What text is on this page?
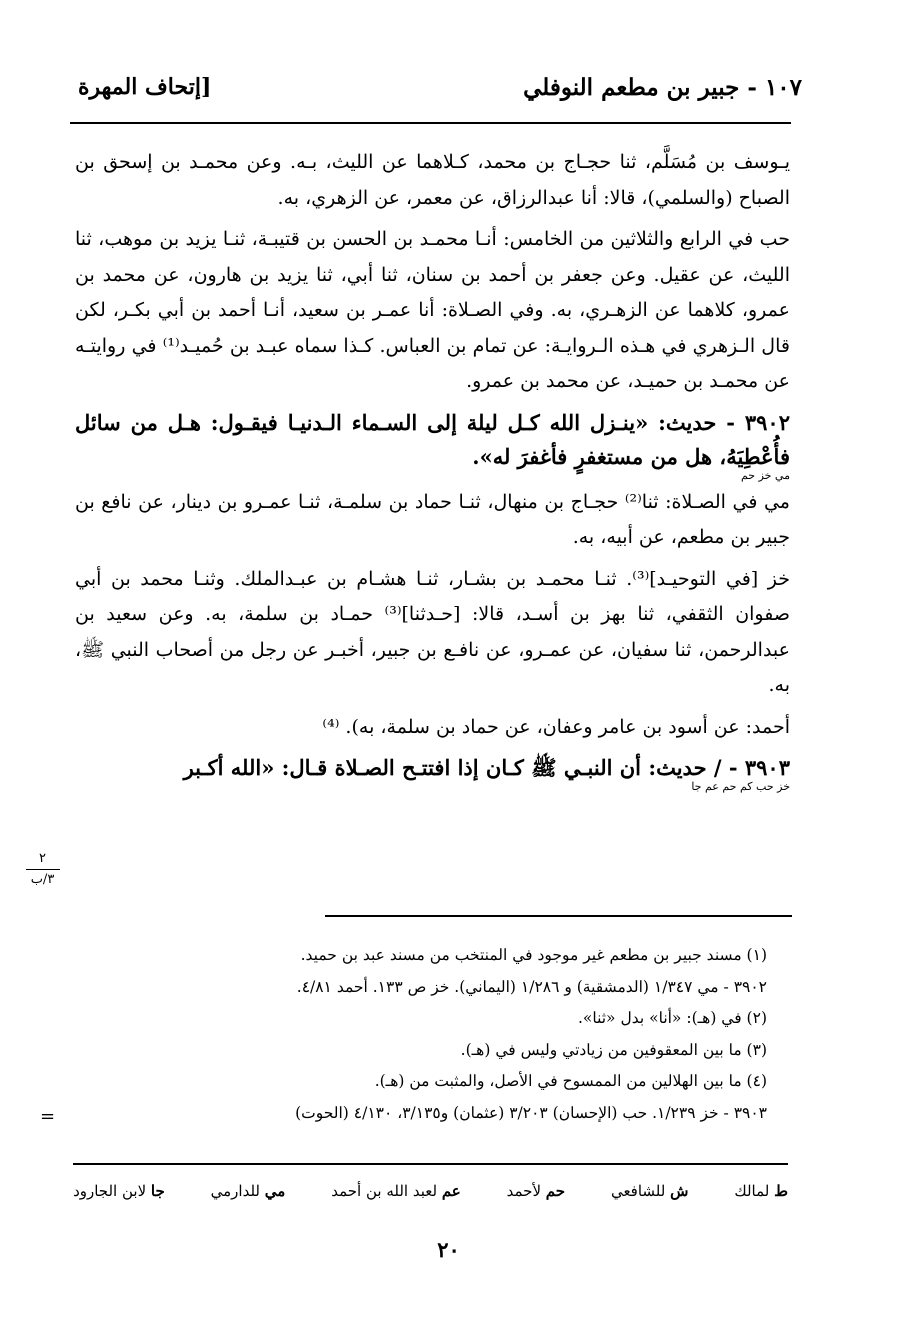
١٠٧ - جبير بن مطعم النوفلي
[إتحاف المهرة

يـوسف بن مُسَلَّم، ثنا حجـاج بن محمد، كـلاهما عن الليث، بـه. وعن محمـد بن إسحق بن الصباح (والسلمي)، قالا: أنا عبدالرزاق، عن معمر، عن الزهري، به.

حب في الرابع والثلاثين من الخامس: أنـا محمـد بن الحسن بن قتيبـة، ثنـا يزيد بن موهب، ثنا الليث، عن عقيل. وعن جعفر بن أحمد بن سنان، ثنا أبي، ثنا يزيد بن هارون، عن محمد بن عمرو، كلاهما عن الزهـري، به. وفي الصـلاة: أنا عمـر بن سعيد، أنـا أحمد بن أبي بكـر، لكن قال الـزهري في هـذه الـروايـة: عن تمام بن العباس. كـذا سماه عبـد بن حُميـد⁽¹⁾ في روايتـه عن محمـد بن حميـد، عن محمد بن عمرو.

٣٩٠٢ - حديث: «ينـزل الله كـل ليلة إلى السـماء الـدنيـا فيقـول: هـل من سائل فأُعْطِيَهُ، هل من مستغفرٍ فأغفرَ له».

مي خز حم

مي في الصـلاة: ثنا⁽²⁾ حجـاج بن منهال، ثنـا حماد بن سلمـة، ثنـا عمـرو بن دينار، عن نافع بن جبير بن مطعم، عن أبيه، به.

خز [في التوحيـد]⁽³⁾. ثنـا محمـد بن بشـار، ثنـا هشـام بن عبـدالملك. وثنـا محمد بن أبي صفوان الثقفي، ثنا بهز بن أسـد، قالا: [حـدثنا]⁽³⁾ حمـاد بن سلمة، به. وعن سعيد بن عبدالرحمن، ثنا سفيان، عن عمـرو، عن نافـع بن جبير، أخبـر عن رجل من أصحاب النبي ﷺ، به.

أحمد: عن أسود بن عامر وعفان، عن حماد بن سلمة، به). ⁽⁴⁾

٣٩٠٣ - / حديث: أن النبـي ﷺ كـان إذا افتتـح الصـلاة قـال: «الله أكـبر

خز حب كم حم عم جا
٢
٣/ب
(١) مسند جبير بن مطعم غير موجود في المنتخب من مسند عبد بن حميد.
٣٩٠٢ - مي ١/٣٤٧ (الدمشقية) و ١/٢٨٦ (اليماني). خز ص ١٣٣. أحمد ٤/٨١.
(٢) في (هـ): «أنا» بدل «ثنا».
(٣) ما بين المعقوفين من زيادتي وليس في (هـ).
(٤) ما بين الهلالين من الممسوح في الأصل، والمثبت من (هـ).
٣٩٠٣ - خز ١/٢٣٩. حب (الإحسان) ٣/٢٠٣ (عثمان) و٣/١٣٥، ٤/١٣٠ (الحوت)
=
ط لمالك
ش للشافعي
حم لأحمد
عم لعبد الله بن أحمد
مي للدارمي
جا لابن الجارود
٢٠
